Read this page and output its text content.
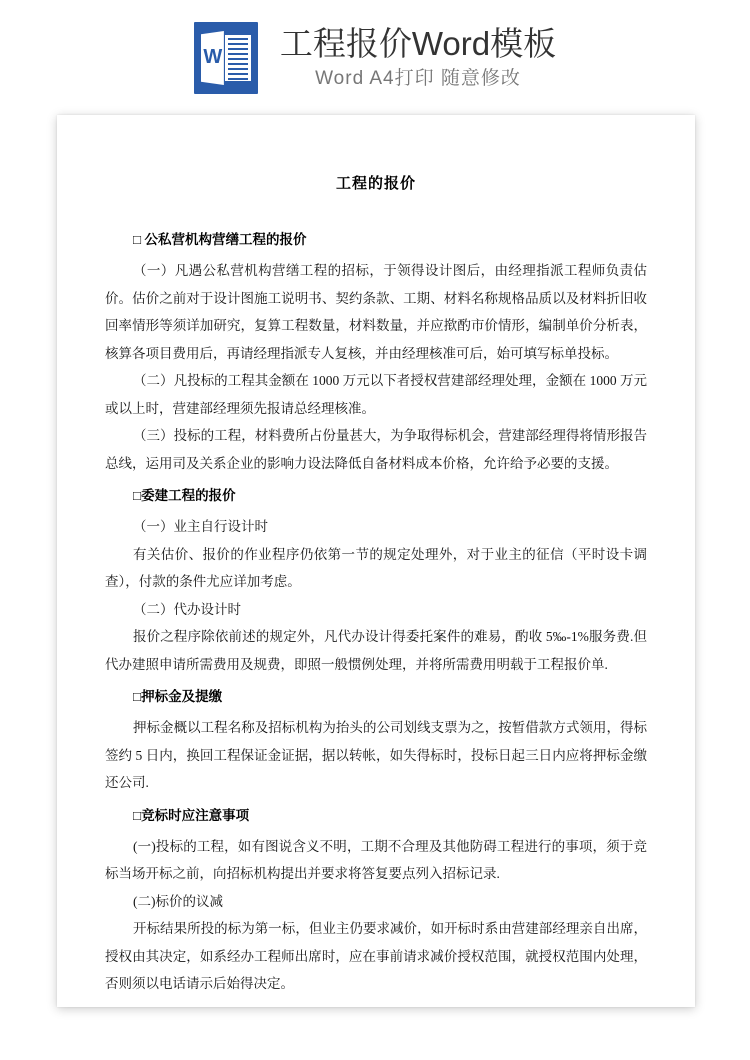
W 工程报价Word模板
Word A4打印 随意修改
工程的报价
□ 公私营机构营缮工程的报价

（一）凡遇公私营机构营缮工程的招标，于领得设计图后，由经理指派工程师负责估价。估价之前对于设计图施工说明书、契约条款、工期、材料名称规格品质以及材料折旧收回率情形等须详加研究，复算工程数量，材料数量，并应揿酌市价情形，编制单价分析表，核算各项目费用后，再请经理指派专人复核，并由经理核准可后，始可填写标单投标。

（二）凡投标的工程其金额在 1000 万元以下者授权营建部经理处理，金额在 1000 万元或以上时，营建部经理须先报请总经理核准。

（三）投标的工程，材料费所占份量甚大，为争取得标机会，营建部经理得将情形报告总线，运用司及关系企业的影响力设法降低自备材料成本价格，允许给予必要的支援。

□委建工程的报价

（一）业主自行设计时

有关估价、报价的作业程序仍依第一节的规定处理外，对于业主的征信（平时设卡调查），付款的条件尤应详加考虑。

（二）代办设计时

报价之程序除依前述的规定外，凡代办设计得委托案件的难易，酌收 5‰-1%服务费.但代办建照申请所需费用及规费，即照一般惯例处理，并将所需费用明载于工程报价单.

□押标金及提缴

押标金概以工程名称及招标机构为抬头的公司划线支票为之，按暂借款方式领用，得标签约 5 日内，换回工程保证金证据，据以转帐，如失得标时，投标日起三日内应将押标金缴还公司.

□竞标时应注意事项

(一)投标的工程，如有图说含义不明，工期不合理及其他防碍工程进行的事项，须于竞标当场开标之前，向招标机构提出并要求将答复要点列入招标记录.

(二)标价的议减

开标结果所投的标为第一标，但业主仍要求减价，如开标时系由营建部经理亲自出席，授权由其决定，如系经办工程师出席时，应在事前请求减价授权范围，就授权范围内处理，否则须以电话请示后始得决定。
